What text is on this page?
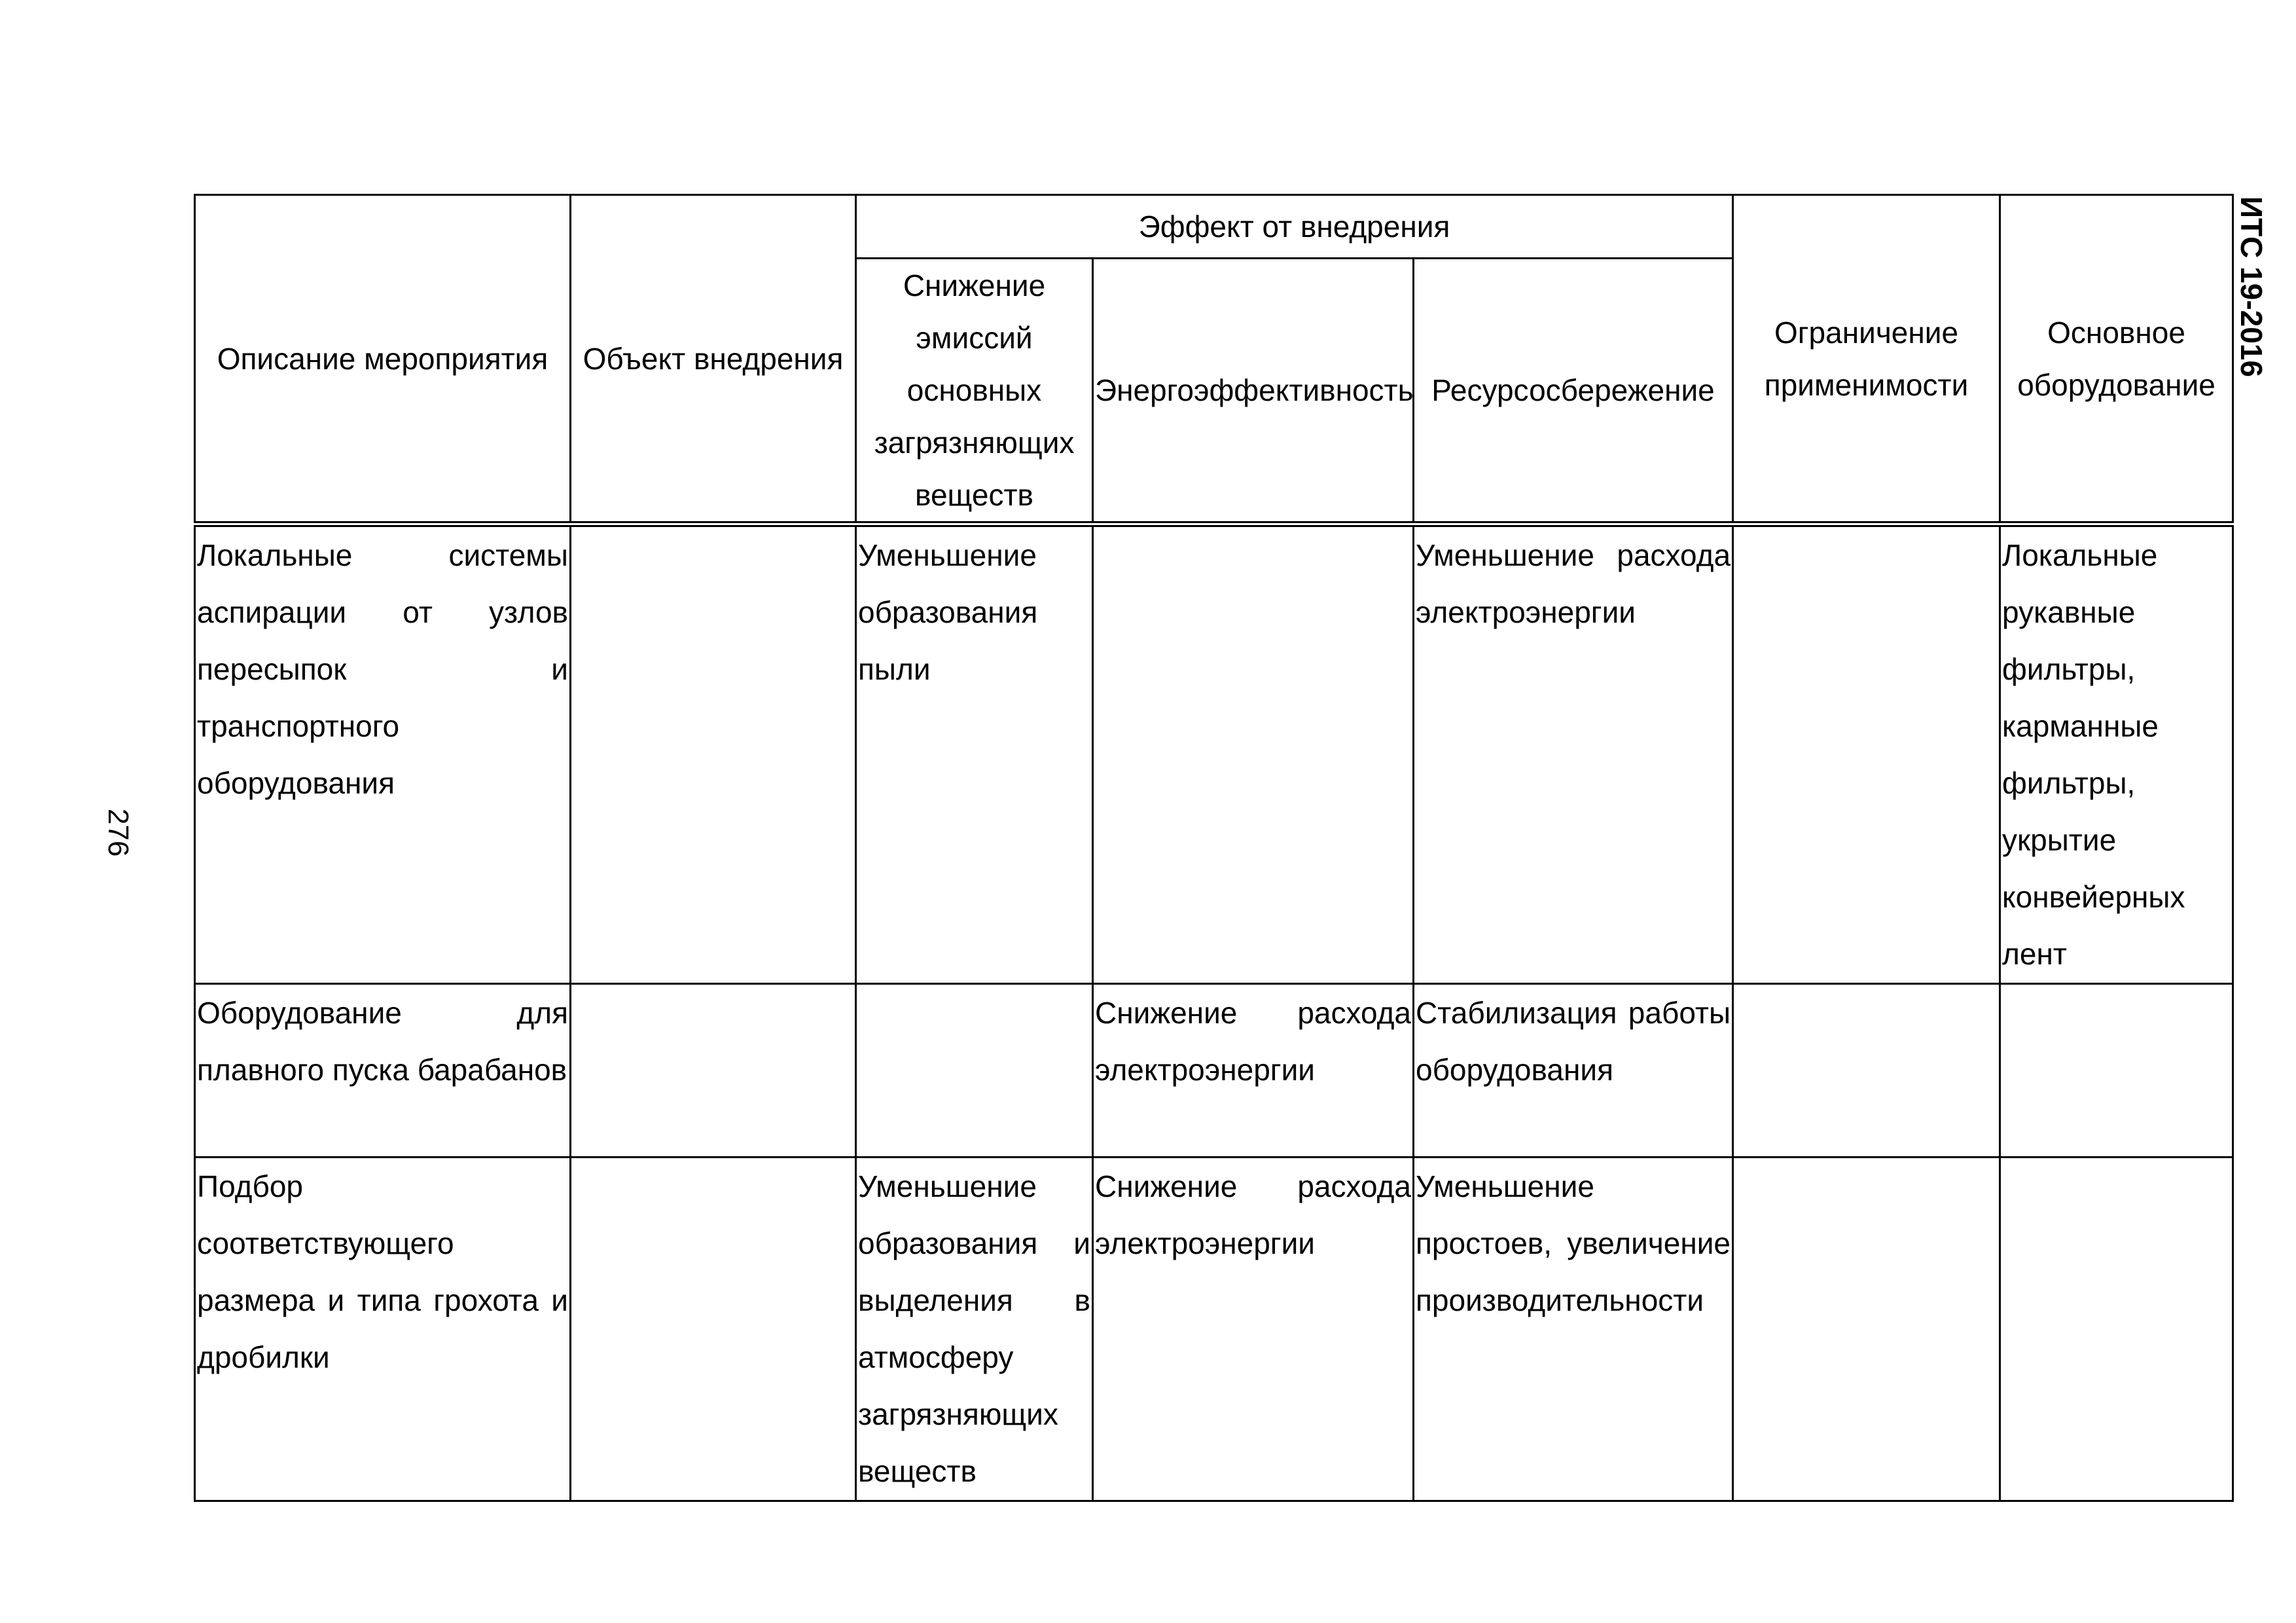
ИТС 19-2016
276
Описание мероприятия	Объект внедрения	Эффект от внедрения			Ограничение применимости	Основное оборудование
		Снижение эмиссий основных загрязняющих веществ	Энергоэффективность	Ресурсосбережение		
Локальные системы аспирации от узлов пересыпок и транспортного оборудования		Уменьшение образования пыли		Уменьшение расхода электроэнергии		Локальные рукавные фильтры, карманные фильтры, укрытие конвейерных лент
Оборудование для плавного пуска барабанов			Снижение расхода электроэнергии	Стабилизация работы оборудования		
Подбор соответствующего размера и типа грохота и дробилки		Уменьшение образования и выделения в атмосферу загрязняющих веществ	Снижение расхода электроэнергии	Уменьшение простоев, увеличение производительности		
